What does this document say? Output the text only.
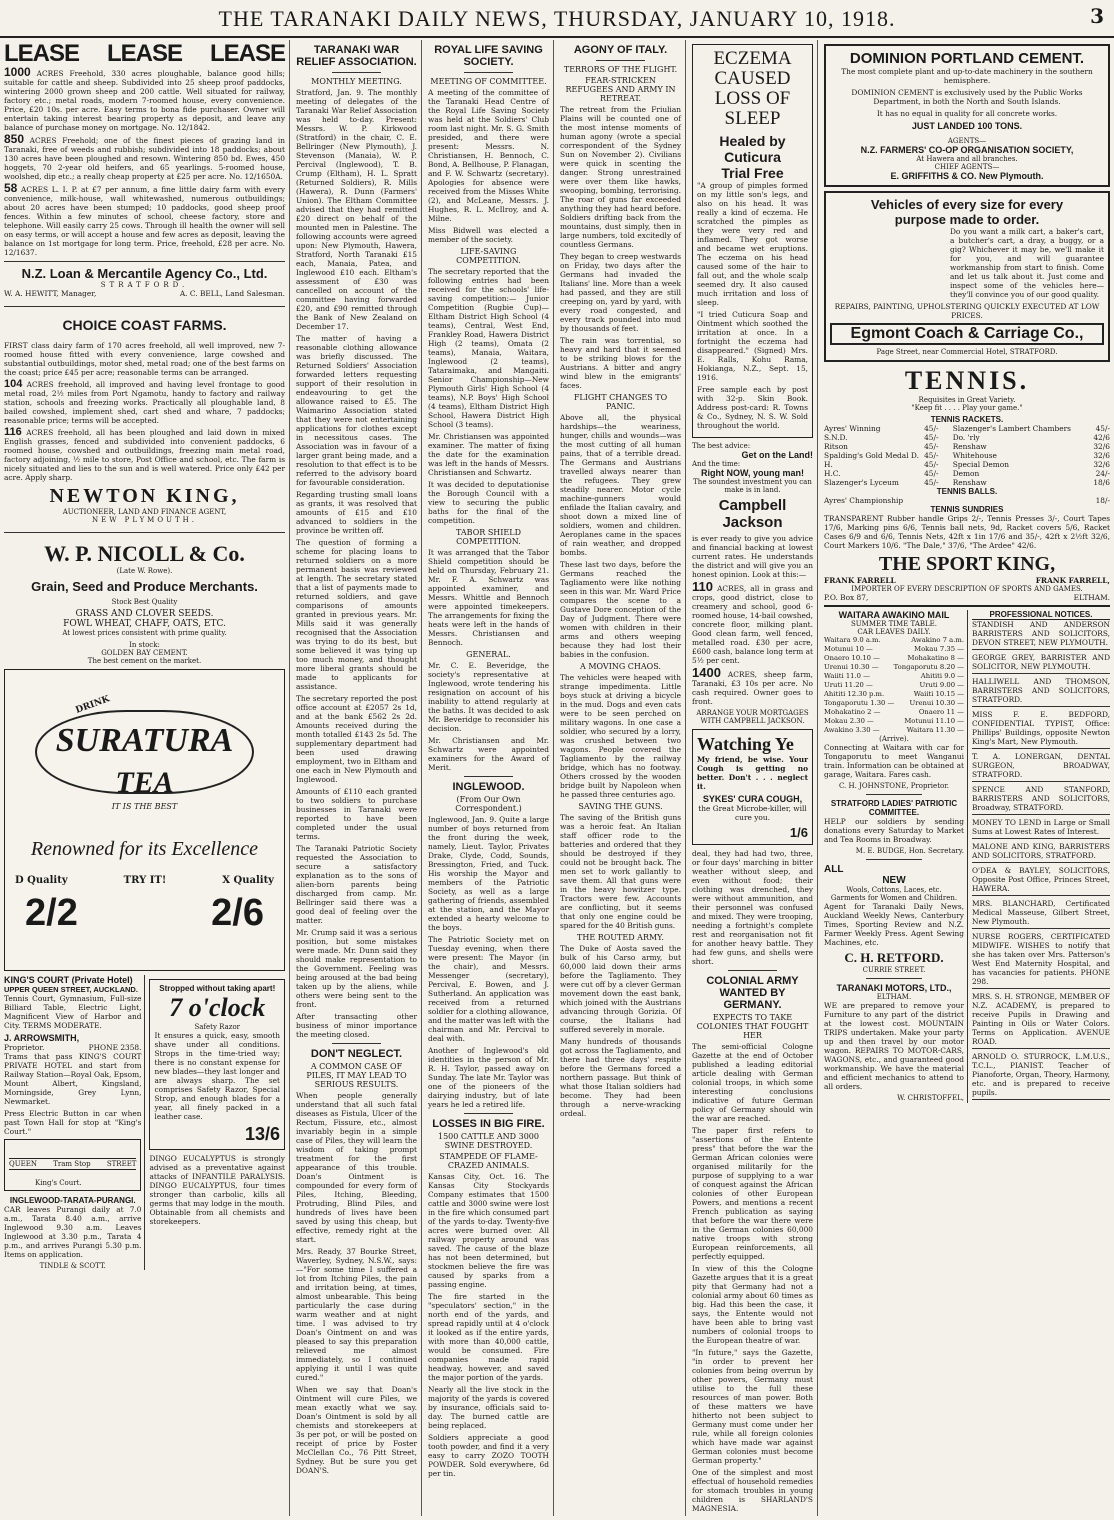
THE TARANAKI DAILY NEWS, THURSDAY, JANUARY 10, 1918.	3
LEASE LEASE LEASE

1000 ACRES Freehold, 330 acres ploughable, balance good hills; suitable for cattle and sheep. Subdivided into 25 sheep proof paddocks, wintering 2000 grown sheep and 200 cattle. Well situated for railway, factory etc.; metal roads, modern 7-roomed house, every convenience. Price, £20 10s. per acre. Easy terms to bona fide purchaser. Owner will entertain taking interest bearing property as deposit, and leave any balance of purchase money on mortgage. No. 12/1842.

850 ACRES Freehold; one of the finest pieces of grazing land in Taranaki, free of weeds and rubbish; subdivided into 18 paddocks; about 130 acres have been ploughed and resown. Wintering 850 bd. Ewes, 450 hoggets, 70 2-year old heifers, and 65 yearlings. 5-roomed house, woolshed, dip etc.; a really cheap property at £25 per acre. No. 12/1650A.

58 ACRES L. I. P. at £7 per annum, a fine little dairy farm with every convenience, milk-house, wall whitewashed, numerous outbuildings; about 20 acres have been stumped; 10 paddocks, good sheep proof fences. Within a few minutes of school, cheese factory, store and telephone. Will easily carry 25 cows. Through ill health the owner will sell on easy terms, or will accept a house and few acres as deposit, leaving the balance on 1st mortgage for long term. Price, freehold, £28 per acre. No. 12/1637.

N.Z. Loan & Mercantile Agency Co., Ltd.
STRATFORD.
W. A. HEWITT, Manager,	A. C. BELL, Land Salesman.
CHOICE COAST FARMS.

FIRST class dairy farm of 170 acres freehold, all well improved, new 7-roomed house fitted with every convenience, large cowshed and substantial outbuildings, motor shed, metal road; one of the best farms on the coast; price £45 per acre; reasonable terms can be arranged.

104 ACRES freehold, all improved and having level frontage to good metal road, 2½ miles from Port Ngamotu, handy to factory and railway station, schools and freezing works. Practically all ploughable land, 8 bailed cowshed, implement shed, cart shed and whare, 7 paddocks; reasonable price; terms will be accepted.

116 ACRES freehold, all has been ploughed and laid down in mixed English grasses, fenced and subdivided into convenient paddocks, 6 roomed house, cowshed and outbuildings, freezing main metal road, factory adjoining, ½ mile to store, Post Office and school, etc. The farm is nicely situated and lies to the sun and is well watered. Price only £42 per acre. Apply sharp.

NEWTON KING,
AUCTIONEER, LAND AND FINANCE AGENT,
NEW PLYMOUTH.
W. P. NICOLL & Co.
(Late W. Rowe).
Grain, Seed and Produce Merchants.
Stock Best Quality
GRASS AND CLOVER SEEDS.
FOWL WHEAT, CHAFF, OATS, ETC.
At lowest prices consistent with prime quality.
In stock:
GOLDEN BAY CEMENT.
The best cement on the market.
DRINK
SURATURA
TEA
IT IS THE BEST
Renowned for its Excellence
D Quality	TRY IT!	X Quality
2/2	2/6
KING'S COURT (Private Hotel)
UPPER QUEEN STREET, AUCKLAND.

Tennis Court, Gymnasium, Full-size Billiard Table, Electric Light, Magnificent View of Harbor and City. TERMS MODERATE.

J. ARROWSMITH,
Proprietor.	PHONE 2358.

Trams that pass KING'S COURT PRIVATE HOTEL and start from Railway Station—Royal Oak, Epsom, Mount Albert, Kingsland, Morningside, Grey Lynn, Newmarket.

Press Electric Button in car when past Town Hall for stop at "King's Court."

QUEEN Tram Stop STREET
King's Court.
INGLEWOOD-TARATA-PURANGI.

CAR leaves Purangi daily at 7.0 a.m., Tarata 8.40 a.m., arrive Inglewood 9.30 a.m. Leaves Inglewood at 3.30 p.m., Tarata 4 p.m., and arrives Purangi 5.30 p.m. Items on application.

TINDLE & SCOTT.
Stropped without taking apart!
7 o'clock
Safety Razor

It ensures a quick, easy, smooth shave under all conditions. Strops in the time-tried way; there is no constant expense for new blades—they last longer and are always sharp. The set comprises Safety Razor, Special Strop, and enough blades for a year, all finely packed in a leather case.

13/6

DINGO EUCALYPTUS is strongly advised as a preventative against attacks of INFANTILE PARALYSIS. DINGO EUCALYPTUS, four times stronger than carbolic, kills all germs that may lodge in the mouth. Obtainable from all chemists and storekeepers.

TARANAKI WAR RELIEF ASSOCIATION.
MONTHLY MEETING.

Stratford, Jan. 9. The monthly meeting of delegates of the Taranaki War Relief Association was held to-day. Present: Messrs. W. P. Kirkwood (Stratford) in the chair, C. E. Bellringer (New Plymouth), J. Stevenson (Manaia), W. P. Percival (Inglewood), T. B. Crump (Eltham), H. L. Spratt (Returned Soldiers), R. Mills (Hawera), R. Dunn (Farmers' Union). The Eltham Committee advised that they had remitted £20 direct on behalf of the mounted men in Palestine. The following accounts were agreed upon: New Plymouth, Hawera, Stratford, North Taranaki £15 each, Manaia, Patea, and Inglewood £10 each. Eltham's assessment of £30 was cancelled on account of the committee having forwarded £20, and £90 remitted through the Bank of New Zealand on December 17.

The matter of having a reasonable clothing allowance was briefly discussed. The Returned Soldiers' Association forwarded letters requesting support of their resolution in endeavouring to get the allowance raised to £5. The Waimarino Association stated that they were not entertaining applications for clothes except in necessitous cases. The Association was in favour of a larger grant being made, and a resolution to that effect is to be referred to the advisory board for favourable consideration.

Regarding trusting small loans as grants, it was resolved that amounts of £15 and £10 advanced to soldiers in the province be written off.

The question of forming a scheme for placing loans to returned soldiers on a more permanent basis was reviewed at length. The secretary stated that a list of payments made to returned soldiers, and gave comparisons of amounts granted in previous years. Mr. Mills said it was generally recognised that the Association was trying to do its best, but some believed it was tying up too much money, and thought more liberal grants should be made to applicants for assistance.

The secretary reported the post office account at £2057 2s 1d, and at the bank £562 2s 2d. Amounts received during the month totalled £143 2s 5d. The supplementary department had been used drawing employment, two in Eltham and one each in New Plymouth and Inglewood.

Amounts of £110 each granted to two soldiers to purchase businesses in Taranaki were reported to have been completed under the usual terms.

The Taranaki Patriotic Society requested the Association to secure a satisfactory explanation as to the sons of alien-born parents being discharged from camp. Mr. Bellringer said there was a good deal of feeling over the matter.

Mr. Crump said it was a serious position, but some mistakes were made. Mr. Dunn said they should make representation to the Government. Feeling was being aroused at the bad being taken up by the aliens, while others were being sent to the front.

After transacting other business of minor importance the meeting closed.

DON'T NEGLECT.
A COMMON CASE OF PILES, IT MAY LEAD TO SERIOUS RESULTS.

When people generally understand that all such fatal diseases as Fistula, Ulcer of the Rectum, Fissure, etc., almost invariably begin in a simple case of Piles, they will learn the wisdom of taking prompt treatment for the first appearance of this trouble. Doan's Ointment is compounded for every form of Piles, Itching, Bleeding, Protruding, Blind Piles, and hundreds of lives have been saved by using this cheap, but effective, remedy right at the start.

Mrs. Ready, 37 Bourke Street, Waverley, Sydney, N.S.W., says:—"For some time I suffered a lot from Itching Piles, the pain and irritation being, at times, almost unbearable. This being particularly the case during warm weather and at night time. I was advised to try Doan's Ointment on and was pleased to say this preparation relieved me almost immediately, so I continued applying it until I was quite cured."

When we say that Doan's Ointment will cure Piles, we mean exactly what we say. Doan's Ointment is sold by all chemists and storekeepers at 3s per pot, or will be posted on receipt of price by Foster McClellan Co., 76 Pitt Street, Sydney. But be sure you get DOAN'S.

ROYAL LIFE SAVING SOCIETY.
MEETING OF COMMITTEE.

A meeting of the committee of the Taranaki Head Centre of the Royal Life Saving Society was held at the Soldiers' Club room last night. Mr. S. G. Smith presided, and there were present: Messrs. N. Christiansen, H. Bennoch, C. Bond, A. Bellhouse, P. Flanagan, and F. W. Schwartz (secretary). Apologies for absence were received from the Misses White (2), and McLeane, Messrs. J. Hughes, R. L. McIlroy, and A. Milne.

Miss Bidwell was elected a member of the society.

LIFE-SAVING COMPETITION.

The secretary reported that the following entries had been received for the schools' life-saving competition:— Junior Competition (Rugbie Cup)—Eltham District High School (4 teams), Central, West End, Frankley Road, Hawera District High (2 teams), Omata (2 teams), Manaia, Waitara, Inglewood (2 teams), Tataraimaka, and Mangaiti. Senior Championship—New Plymouth Girls' High School (4 teams), N.P. Boys' High School (4 teams), Eltham District High School, Hawera District High School (3 teams).

Mr. Christiansen was appointed examiner. The matter of fixing the date for the examination was left in the hands of Messrs. Christiansen and Schwartz.

It was decided to deputationise the Borough Council with a view to securing the public baths for the final of the competition.

TABOR SHIELD COMPETITION.

It was arranged that the Tabor Shield competition should be held on Thursday, February 21. Mr. F. A. Schwartz was appointed examiner, and Messrs. Whittle and Bennoch were appointed timekeepers. The arrangements for fixing the heats were left in the hands of Messrs. Christiansen and Bennoch.

GENERAL.

Mr. C. E. Beveridge, the society's representative at Inglewood, wrote tendering his resignation on account of his inability to attend regularly at the baths. It was decided to ask Mr. Beveridge to reconsider his decision.

Mr. Christiansen and Mr. Schwartz were appointed examiners for the Award of Merit.

INGLEWOOD.
(From Our Own Correspondent.)

Inglewood, Jan. 9. Quite a large number of boys returned from the front during the week, namely, Lieut. Taylor, Privates Drake, Clyde, Codd, Sounds, Bressington, Fried, and Tuck. His worship the Mayor and members of the Patriotic Society, as well as a large gathering of friends, assembled at the station, and the Mayor extended a hearty welcome to the boys.

The Patriotic Society met on Tuesday evening, when there were present: The Mayor (in the chair), and Messrs. Messenger (secretary), Percival, E. Bowen, and J. Sutherland. An application was received from a returned soldier for a clothing allowance, and the matter was left with the chairman and Mr. Percival to deal with.

Another of Inglewood's old identities in the person of Mr. R. H. Taylor, passed away on Sunday. The late Mr. Taylor was one of the pioneers of the dairying industry, but of late years he led a retired life.

LOSSES IN BIG FIRE.
1500 CATTLE AND 3000 SWINE DESTROYED.
STAMPEDE OF FLAME-CRAZED ANIMALS.

Kansas City, Oct. 16. The Kansas City Stockyards Company estimates that 1500 cattle and 3000 swine were lost in the fire which consumed part of the yards to-day. Twenty-five acres were burned over. All railway property around was saved. The cause of the blaze has not been determined, but stockmen believe the fire was caused by sparks from a passing engine.

The fire started in the "speculators' section," in the north end of the yards, and spread rapidly until at 4 o'clock it looked as if the entire yards, with more than 40,000 cattle, would be consumed. Fire companies made rapid headway, however, and saved the major portion of the yards.

Nearly all the live stock in the majority of the yards is covered by insurance, officials said to-day. The burned cattle are being replaced.

Soldiers appreciate a good tooth powder, and find it a very easy to carry ZOZO TOOTH POWDER. Sold everywhere, 6d per tin.

AGONY OF ITALY.
TERRORS OF THE FLIGHT.
FEAR-STRICKEN REFUGEES AND ARMY IN RETREAT.

The retreat from the Friulian Plains will be counted one of the most intense moments of human agony (wrote a special correspondent of the Sydney Sun on November 2). Civilians were quick in scenting the danger. Strong unrestrained were over them like hawks, swooping, bombing, terrorising. The roar of guns far exceeded anything they had heard before. Soldiers drifting back from the mountains, dust simply, then in large numbers, told excitedly of countless Germans.

They began to creep westwards on Friday, two days after the Germans had invaded the Italians' line. More than a week had passed, and they are still creeping on, yard by yard, with every road congested, and every track pounded into mud by thousands of feet.

The rain was torrential, so heavy and hard that it seemed to be striking blows for the Austrians. A bitter and angry wind blew in the emigrants' faces.

FLIGHT CHANGES TO PANIC.

Above all, the physical hardships—the weariness, hunger, chills and wounds—was the most cutting of all human pains, that of a terrible dread. The Germans and Austrians travelled always nearer than the refugees. They grew steadily nearer. Motor cycle machine-gunners would enfilade the Italian cavalry, and shoot down a mixed line of soldiers, women and children. Aeroplanes came in the spaces of rain weather, and dropped bombs.

These last two days, before the Germans reached the Tagliamento were like nothing seen in this war. Mr. Ward Price compares the scene to a Gustave Dore conception of the Day of Judgment. There were women with children in their arms and others weeping because they had lost their babies in the confusion.

A MOVING CHAOS.

The vehicles were heaped with strange impedimenta. Little boys stuck at driving a bicycle in the mud. Dogs and even cats were to be seen perched on military wagons. In one case a soldier, who secured by a lorry, was crushed between two wagons. People covered the Tagliamento by the railway bridge, which has no footway. Others crossed by the wooden bridge built by Napoleon when he passed three centuries ago.

SAVING THE GUNS.

The saving of the British guns was a heroic feat. An Italian staff officer rode to the batteries and ordered that they should be destroyed if they could not be brought back. The men set to work gallantly to save them. All that guns were in the heavy howitzer type. Tractors were few. Accounts are conflicting, but it seems that only one engine could be spared for the 40 British guns.

THE ROUTED ARMY.

The Duke of Aosta saved the bulk of his Carso army, but 60,000 laid down their arms before the Tagliamento. They were cut off by a clever German movement down the east bank, which joined with the Austrians advancing through Gorizia. Of course, the Italians had suffered severely in morale.

Many hundreds of thousands got across the Tagliamento, and there had three days' respite before the Germans forced a northern passage. But think of what those Italian soldiers had become. They had been through a nerve-wracking ordeal.

ECZEMA CAUSED
LOSS OF SLEEP
Healed by Cuticura
Trial Free

"A group of pimples formed on my little son's legs, and also on his head. It was really a kind of eczema. He scratched the pimples as they were very red and inflamed. They got worse and became wet eruptions. The eczema on his head caused some of the hair to fall out, and the whole scalp seemed dry. It also caused much irritation and loss of sleep.

"I tried Cuticura Soap and Ointment which soothed the irritation at once. In a fortnight the eczema had disappeared." (Signed) Mrs. E. Ralls, Kohu Rama, Hokianga, N.Z., Sept. 15, 1916.

Free sample each by post with 32-p. Skin Book. Address post-card: R. Towns & Co., Sydney, N. S. W. Sold throughout the world.

The best advice:
Get on the Land!
And the time:
Right NOW, young man!
The soundest investment you can make is in land.
Campbell Jackson

is ever ready to give you advice and financial backing at lowest current rates. He understands the district and will give you an honest opinion. Look at this:—

110 ACRES, all in grass and crops, good district, close to creamery and school, good 6-roomed house, 14-bail cowshed, concrete floor, milking plant. Good clean farm, well fenced, metalled road. £30 per acre, £600 cash, balance long term at 5½ per cent.

1400 ACRES, sheep farm, Taranaki, £3 10s per acre. No cash required. Owner goes to front.

ARRANGE YOUR MORTGAGES WITH CAMPBELL JACKSON.
Watching Ye

My friend, be wise. Your Cough is getting no better. Don't . . . neglect it.

SYKES' CURA COUGH,

the Great Microbe-killer, will cure you.

1/6

deal, they had had two, three, or four days' marching in bitter weather without sleep, and even without food; their clothing was drenched, they were without ammunition, and their personnel was confused and mixed. They were trooping, needing a fortnight's complete rest and reorganisation not fit for another heavy battle. They had few guns, and shells were short.

COLONIAL ARMY WANTED BY GERMANY.
EXPECTS TO TAKE COLONIES THAT FOUGHT HER

The semi-official Cologne Gazette at the end of October published a leading editorial article dealing with German colonial troops, in which some interesting conclusions indicative of future German policy of Germany should win the war are reached.

The paper first refers to "assertions of the Entente press" that before the war the German African colonies were organised militarily for the purpose of supplying to a war of conquest against the African colonies of other European Powers, and mentions a recent French publication as saying that before the war there were in the German colonies 60,000 native troops with strong European reinforcements, all perfectly equipped.

In view of this the Cologne Gazette argues that it is a great pity that Germany had not a colonial army about 60 times as big. Had this been the case, it says, the Entente would not have been able to bring vast numbers of colonial troops to the European theatre of war.

"In future," says the Gazette, "in order to prevent her colonies from being overrun by other powers, Germany must utilise to the full these resources of man power. Both of these matters we have hitherto not been subject to Germany must come under her rule, while all foreign colonies which have made war against German colonies must become German property."

One of the simplest and most effectual of household remedies for stomach troubles in young children is SHARLAND'S MAGNESIA.

DOMINION PORTLAND CEMENT.

The most complete plant and up-to-date machinery in the southern hemisphere.

DOMINION CEMENT is exclusively used by the Public Works Department, in both the North and South Islands.

It has no equal in quality for all concrete works.

JUST LANDED 100 TONS.
AGENTS—
N.Z. FARMERS' CO-OP ORGANISATION SOCIETY,
At Hawera and all branches.
CHIEF AGENTS—
E. GRIFFITHS & CO. New Plymouth.
Vehicles of every size for every
purpose made to order.

Do you want a milk cart, a baker's cart, a butcher's cart, a dray, a buggy, or a gig? Whichever it may be, we'll make it for you, and will guarantee workmanship from start to finish. Come and let us talk about it. Just come and inspect some of the vehicles here—they'll convince you of our good quality.

REPAIRS, PAINTING, UPHOLSTERING QUICKLY EXECUTED AT LOW PRICES.

Egmont Coach & Carriage Co.,
Page Street, near Commercial Hotel, STRATFORD.
TENNIS.
Requisites in Great Variety.
"Keep fit . . . . Play your game."
TENNIS RACKETS.
Ayres' Winning	45/-	Slazenger's Lambert Chambers	45/-
S.N.D.	45/-	Do. 'rly	42/6
Ritson	45/-	Renshaw	32/6
Spalding's Gold Medal D. 45/-	Whitehouse	32/6
H.	45/-	Special Demon	32/6
H.C.	45/-	Demon	24/-
Slazenger's Lyceum	45/-	Renshaw	18/6
TENNIS BALLS.
Ayres' Championship	18/-
TENNIS SUNDRIES

TRANSPARENT Rubber handle Grips 2/-, Tennis Presses 3/-, Court Tapes 17/6, Marking pins 6/6, Tennis ball nets, 9d, Racket covers 5/6, Racket Cases 6/9 and 6/6, Tennis Nets, 42ft x 1in 17/6 and 35/-, 42ft x 2½ft 32/6, Court Markers 10/6. "The Dale," 37/6, "The Ardee" 42/6.

THE SPORT KING,
FRANK FARRELL	FRANK FARRELL,
IMPORTER OF EVERY DESCRIPTION OF SPORTS AND GAMES.
P.O. Box 87,	ELTHAM.
WAITARA AWAKINO MAIL
SUMMER TIME TABLE.
CAR LEAVES DAILY.
Waitara 9.0 a.m.	Awakino 7 a.m.
Motunui 10 —	Mokau 7.35 —
Onaero 10.10 —	Mohakatino 8 —
Urenui 10.30 — Tongaporutu 8.20 —
Waiiti 11.0 —	Ahititi 9.0 —
Uruti 11.20 —	Uruti 9.00 —
Ahititi 12.30 p.m.	Waiiti 10.15 —
Tongaporutu 1.30 — Urenui 10.30 —
Mohakatino 2 —	Onaero 11 —
Mokau 2.30 —	Motunui 11.10 —
Awakino 3.30 —	Waitara 11.30 —
(Arrive).

Connecting at Waitara with car for Tongaporutu to meet Wanganui train. Information can be obtained at garage, Waitara. Fares cash.

C. H. JOHNSTONE, Proprietor.
STRATFORD LADIES' PATRIOTIC COMMITTEE.

HELP our soldiers by sending donations every Saturday to Market and Tea Rooms in Broadway.

M. E. BUDGE, Hon. Secretary.
ALL
NEW
Wools, Cottons, Laces, etc.
Garments for Women and Children.

Agent for Taranaki Daily News, Auckland Weekly News, Canterbury Times, Sporting Review and N.Z. Farmer Weekly Press. Agent Sewing Machines, etc.

C. H. RETFORD.
CURRIE STREET.
TARANAKI MOTORS, LTD.,
ELTHAM.

WE are prepared to remove your Furniture to any part of the district at the lowest cost. MOUNTAIN TRIPS undertaken. Make your party up and then travel by our motor wagon. REPAIRS TO MOTOR-CARS, WAGONS, etc., and guaranteed good workmanship. We have the material and efficient mechanics to attend to all orders.

W. CHRISTOFFEL,
PROFESSIONAL NOTICES.

STANDISH AND ANDERSON BARRISTERS AND SOLICITORS, DEVON STREET, NEW PLYMOUTH.

GEORGE GREY, BARRISTER AND SOLICITOR, NEW PLYMOUTH.

HALLIWELL AND THOMSON, BARRISTERS AND SOLICITORS, STRATFORD.

MISS F. E. BEDFORD, CONFIDENTIAL TYPIST, Office: Phillips' Buildings, opposite Newton King's Mart, New Plymouth.

T. A. LONERGAN, DENTAL SURGEON, BROADWAY, STRATFORD.

SPENCE AND STANFORD, BARRISTERS AND SOLICITORS, Broadway, STRATFORD.

MONEY TO LEND in Large or Small Sums at Lowest Rates of Interest.

MALONE AND KING, BARRISTERS AND SOLICITORS, STRATFORD.

O'DEA & BAYLEY, SOLICITORS, Opposite Post Office, Princes Street, HAWERA.

MRS. BLANCHARD, Certificated Medical Masseuse, Gilbert Street, New Plymouth.

NURSE ROGERS, CERTIFICATED MIDWIFE. WISHES to notify that she has taken over Mrs. Patterson's West End Maternity Hospital, and has vacancies for patients. PHONE 298.

MRS. S. H. STRONGE, MEMBER OF N.Z. ACADEMY, is prepared to receive Pupils in Drawing and Painting in Oils or Water Colors. Terms on Application. AVENUE ROAD.

ARNOLD O. STURROCK, L.M.U.S., T.C.L., PIANIST. Teacher of Pianoforte, Organ, Theory, Harmony, etc. and is prepared to receive pupils.
